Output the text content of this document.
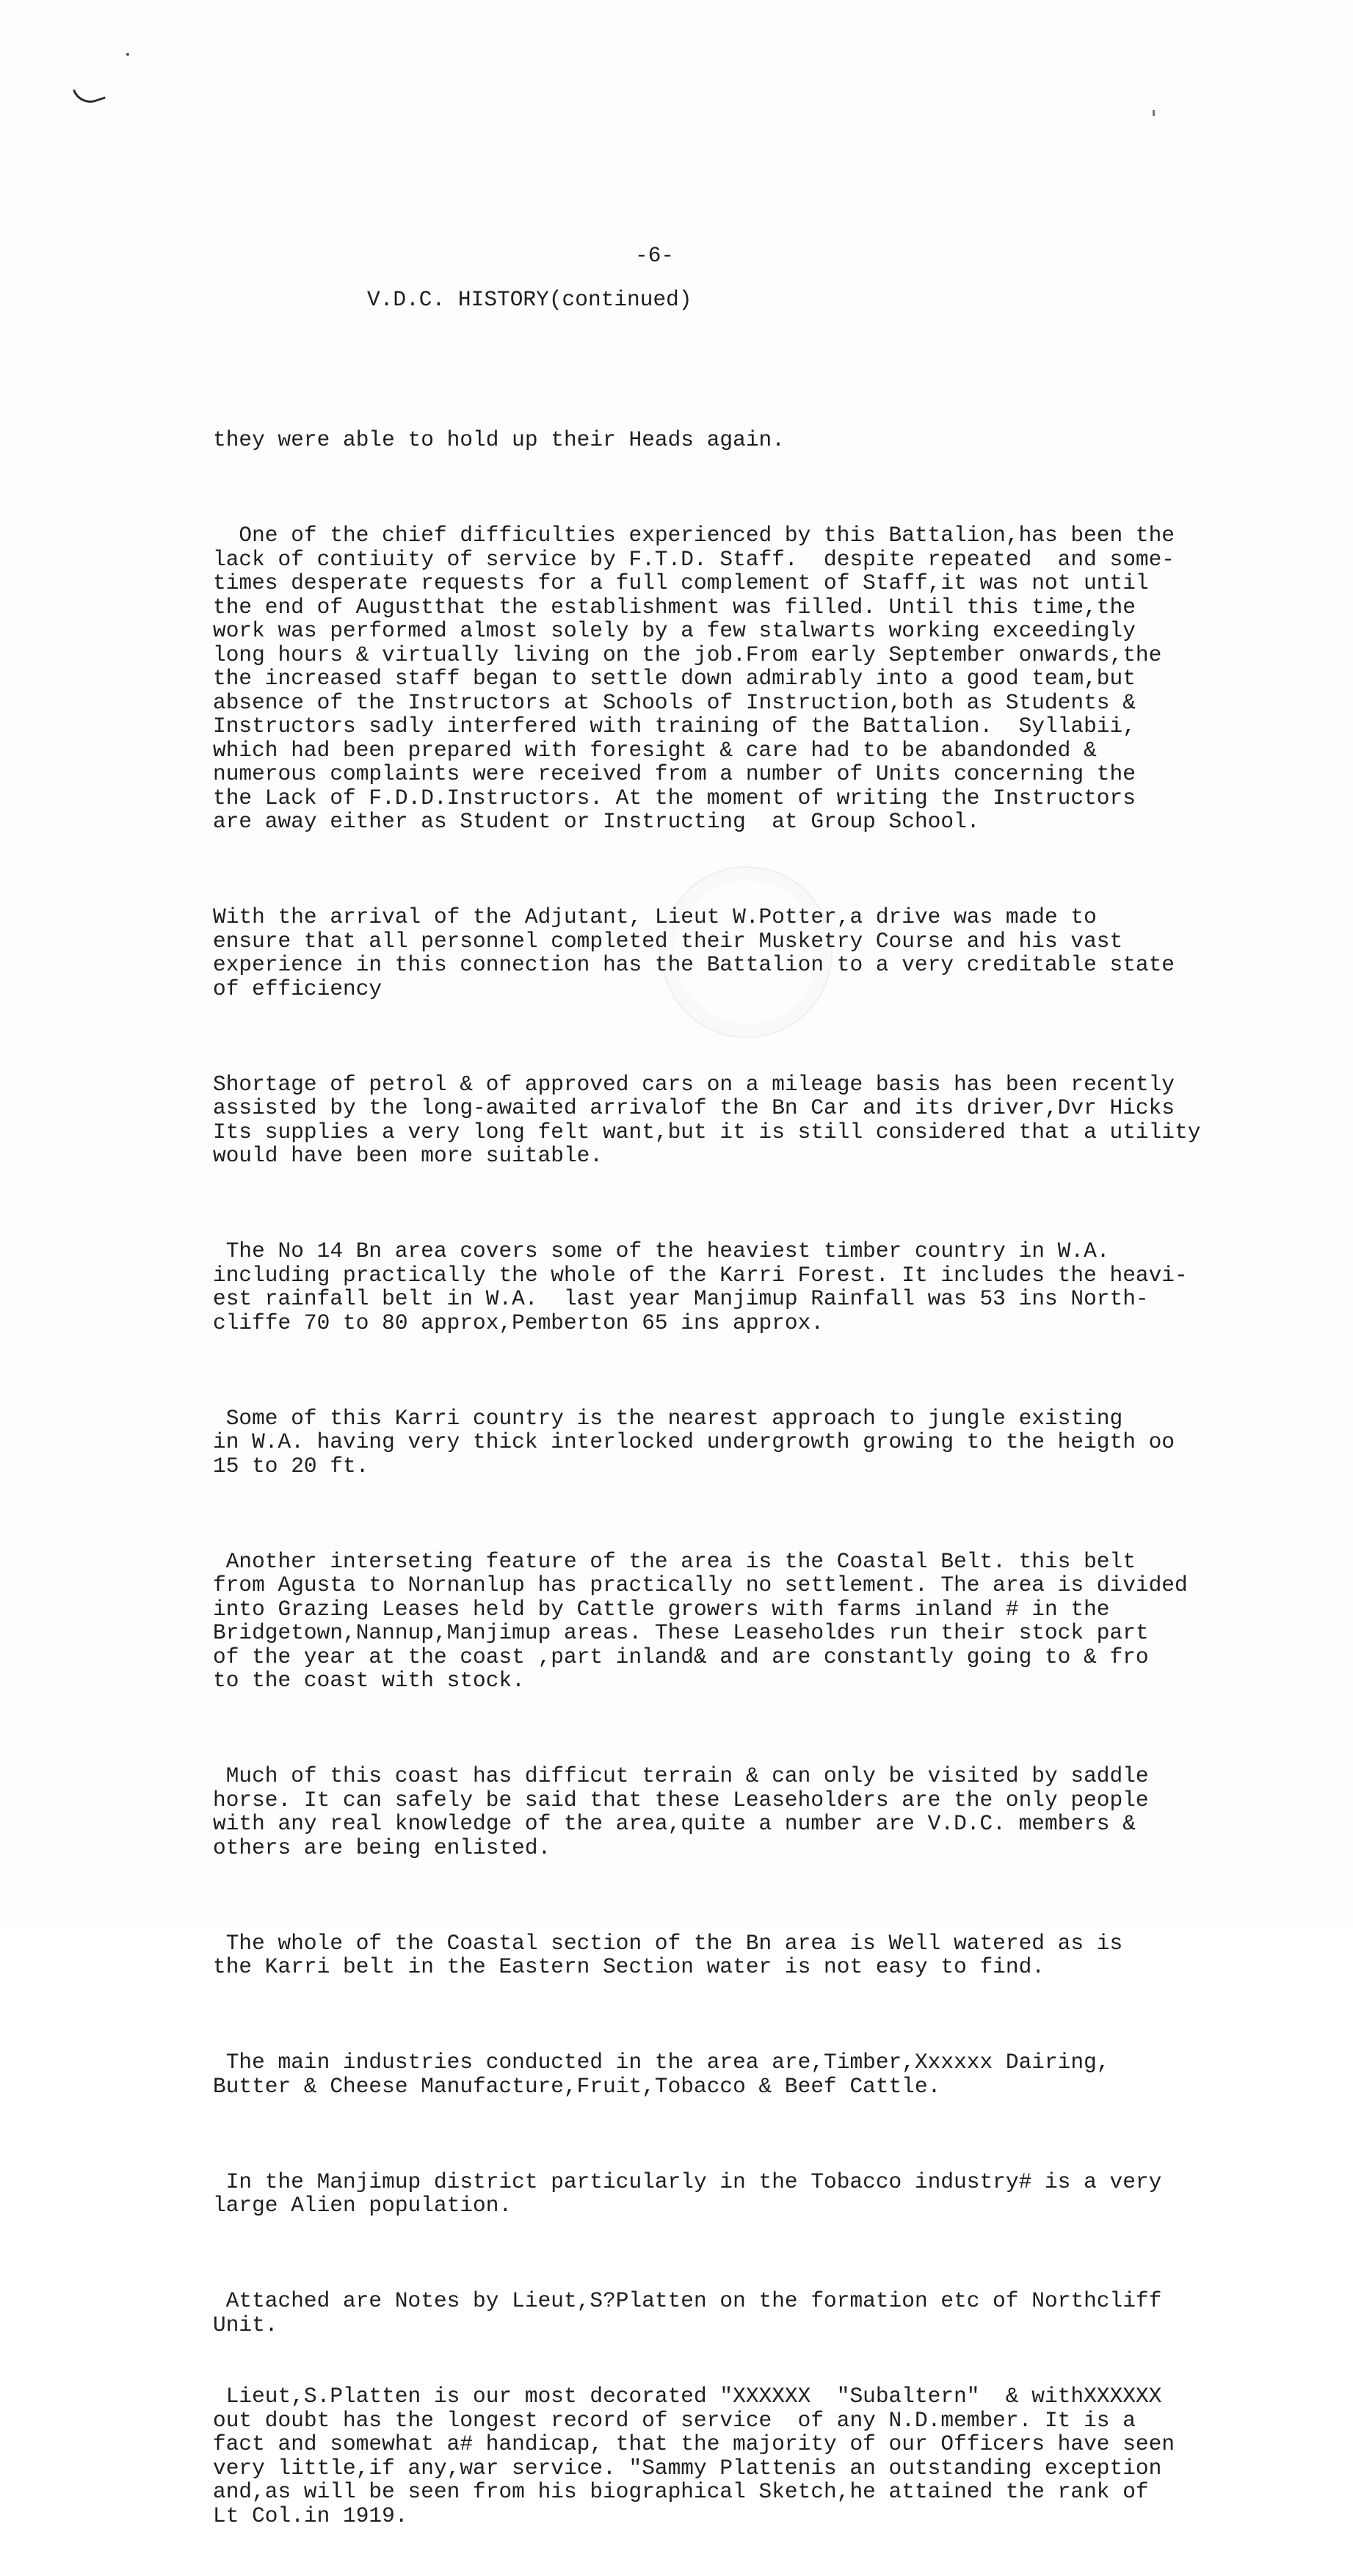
-6-
V.D.C. HISTORY(continued)

they were able to hold up their Heads again.

One of the chief difficulties experienced by this Battalion,has been the
lack of contiuity of service by F.T.D. Staff.  despite repeated  and some-
times desperate requests for a full complement of Staff,it was not until
the end of Augustthat the establishment was filled. Until this time,the
work was performed almost solely by a few stalwarts working exceedingly
long hours & virtually living on the job.From early September onwards,the
the increased staff began to settle down admirably into a good team,but
absence of the Instructors at Schools of Instruction,both as Students &
Instructors sadly interfered with training of the Battalion.  Syllabii,
which had been prepared with foresight & care had to be abandonded &
numerous complaints were received from a number of Units concerning the
the Lack of F.D.D.Instructors. At the moment of writing the Instructors
are away either as Student or Instructing  at Group School.

With the arrival of the Adjutant, Lieut W.Potter,a drive was made to
ensure that all personnel completed their Musketry Course and his vast
experience in this connection has the Battalion to a very creditable state
of efficiency

Shortage of petrol & of approved cars on a mileage basis has been recently
assisted by the long-awaited arrivalof the Bn Car and its driver,Dvr Hicks
Its supplies a very long felt want,but it is still considered that a utility
would have been more suitable.

The No 14 Bn area covers some of the heaviest timber country in W.A.
including practically the whole of the Karri Forest. It includes the heavi-
est rainfall belt in W.A.  last year Manjimup Rainfall was 53 ins North-
cliffe 70 to 80 approx,Pemberton 65 ins approx.

Some of this Karri country is the nearest approach to jungle existing
in W.A. having very thick interlocked undergrowth growing to the heigth oo
15 to 20 ft.

Another interseting feature of the area is the Coastal Belt. this belt
from Agusta to Nornanlup has practically no settlement. The area is divided
into Grazing Leases held by Cattle growers with farms inland # in the
Bridgetown,Nannup,Manjimup areas. These Leaseholdes run their stock part
of the year at the coast ,part inland& and are constantly going to & fro
to the coast with stock.

Much of this coast has difficut terrain & can only be visited by saddle
horse. It can safely be said that these Leaseholders are the only people
with any real knowledge of the area,quite a number are V.D.C. members &
others are being enlisted.

The whole of the Coastal section of the Bn area is Well watered as is
the Karri belt in the Eastern Section water is not easy to find.

The main industries conducted in the area are,Timber,Xxxxxx Dairing,
Butter & Cheese Manufacture,Fruit,Tobacco & Beef Cattle.

In the Manjimup district particularly in the Tobacco industry# is a very
large Alien population.

Attached are Notes by Lieut,S?Platten on the formation etc of Northcliff
Unit.

Lieut,S.Platten is our most decorated "XXXXXX  "Subaltern"  & withXXXXXX
out doubt has the longest record of service  of any N.D.member. It is a
fact and somewhat a# handicap, that the majority of our Officers have seen
very little,if any,war service. "Sammy Plattenis an outstanding exception
and,as will be seen from his biographical Sketch,he attained the rank of
Lt Col.in 1919.
